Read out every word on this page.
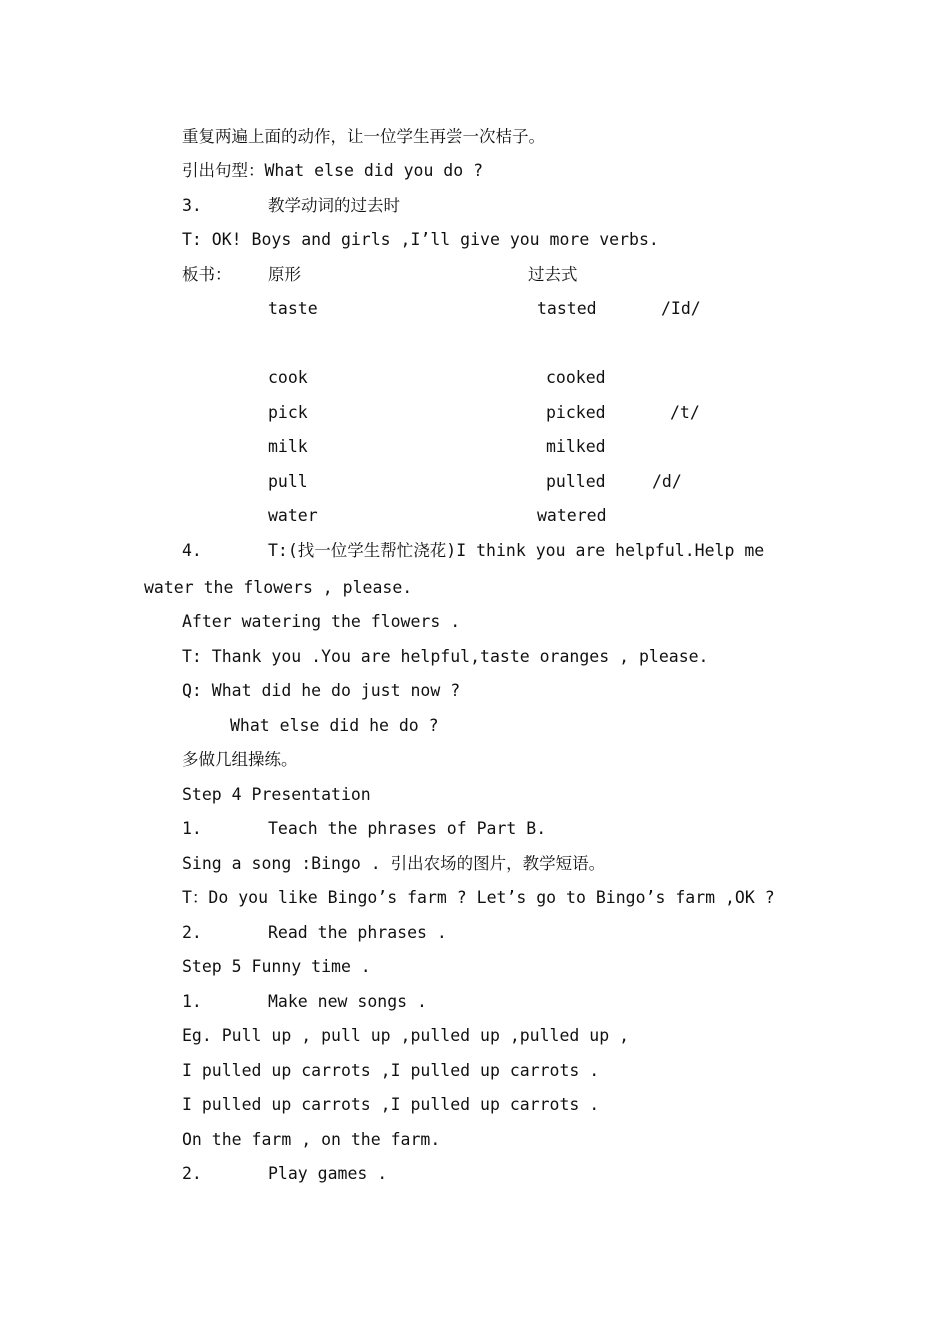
重复两遍上面的动作，让一位学生再尝一次桔子。
引出句型：What else did you do ?
3.	教学动词的过去时
T: OK! Boys and girls ,I’ll give you more verbs.
板书： 原形	过去式
taste	tasted	/Id/
cook	cooked
pick	picked	/t/
milk	milked
pull	pulled	/d/
water	watered
4.	T:(找一位学生帮忙浇花)I think you are helpful.Help me
water the flowers , please.
After watering the flowers .
T: Thank you .You are helpful,taste oranges , please.
Q: What did he do just now ?
What else did he do ?
多做几组操练。
Step 4 Presentation
1.	Teach the phrases of Part B.
Sing a song :Bingo . 引出农场的图片，教学短语。
T：Do you like Bingo’s farm ? Let’s go to Bingo’s farm ,OK ?
2.	Read the phrases .
Step 5 Funny time .
1.	Make new songs .
Eg. Pull up , pull up ,pulled up ,pulled up ,
I pulled up carrots ,I pulled up carrots .
I pulled up carrots ,I pulled up carrots .
On the farm , on the farm.
2.	Play games .
